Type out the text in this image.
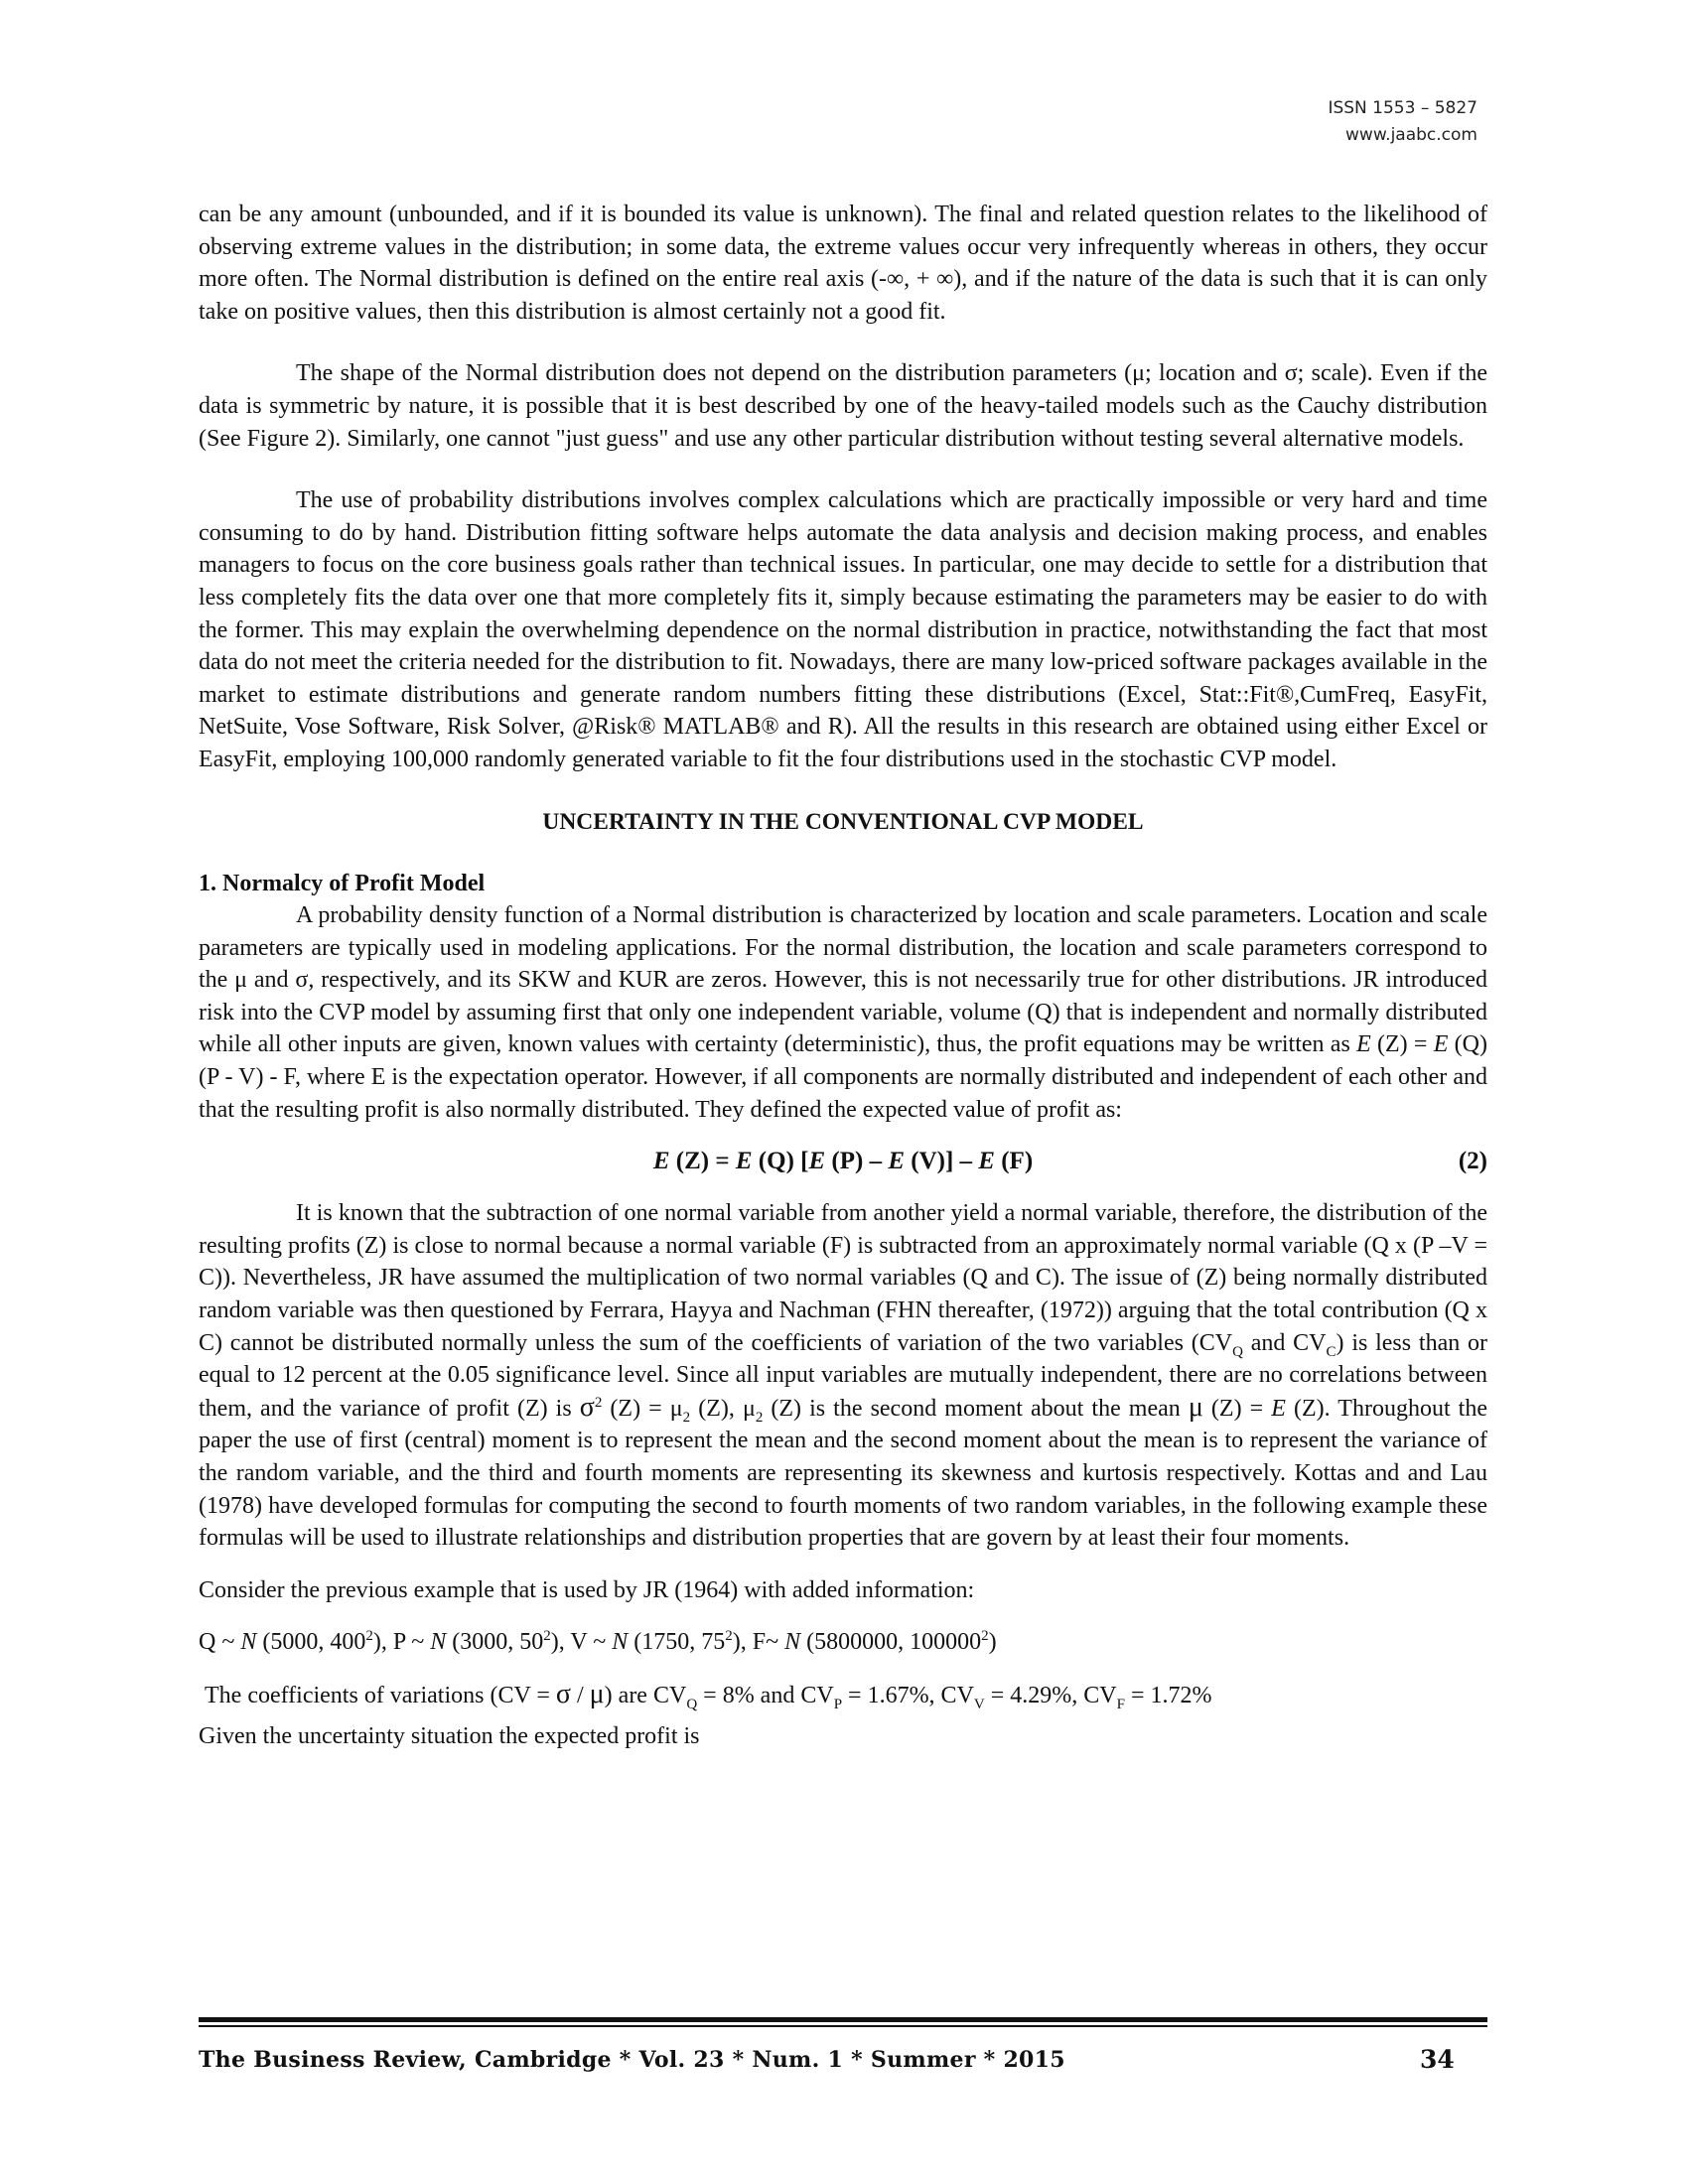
ISSN 1553 – 5827
www.jaabc.com

can be any amount (unbounded, and if it is bounded its value is unknown). The final and related question relates to the likelihood of observing extreme values in the distribution; in some data, the extreme values occur very infrequently whereas in others, they occur more often. The Normal distribution is defined on the entire real axis (-∞, + ∞), and if the nature of the data is such that it is can only take on positive values, then this distribution is almost certainly not a good fit.

The shape of the Normal distribution does not depend on the distribution parameters (μ; location and σ; scale). Even if the data is symmetric by nature, it is possible that it is best described by one of the heavy-tailed models such as the Cauchy distribution (See Figure 2). Similarly, one cannot "just guess" and use any other particular distribution without testing several alternative models.

The use of probability distributions involves complex calculations which are practically impossible or very hard and time consuming to do by hand. Distribution fitting software helps automate the data analysis and decision making process, and enables managers to focus on the core business goals rather than technical issues. In particular, one may decide to settle for a distribution that less completely fits the data over one that more completely fits it, simply because estimating the parameters may be easier to do with the former. This may explain the overwhelming dependence on the normal distribution in practice, notwithstanding the fact that most data do not meet the criteria needed for the distribution to fit. Nowadays, there are many low-priced software packages available in the market to estimate distributions and generate random numbers fitting these distributions (Excel, Stat::Fit®,CumFreq, EasyFit, NetSuite, Vose Software, Risk Solver, @Risk® MATLAB® and R). All the results in this research are obtained using either Excel or EasyFit, employing 100,000 randomly generated variable to fit the four distributions used in the stochastic CVP model.

UNCERTAINTY IN THE CONVENTIONAL CVP MODEL
1. Normalcy of Profit Model

A probability density function of a Normal distribution is characterized by location and scale parameters. Location and scale parameters are typically used in modeling applications. For the normal distribution, the location and scale parameters correspond to the μ and σ, respectively, and its SKW and KUR are zeros. However, this is not necessarily true for other distributions. JR introduced risk into the CVP model by assuming first that only one independent variable, volume (Q) that is independent and normally distributed while all other inputs are given, known values with certainty (deterministic), thus, the profit equations may be written as E (Z) = E (Q) (P - V) - F, where E is the expectation operator. However, if all components are normally distributed and independent of each other and that the resulting profit is also normally distributed. They defined the expected value of profit as:

E (Z) = E (Q) [E (P) – E (V)] – E (F)	(2)

It is known that the subtraction of one normal variable from another yield a normal variable, therefore, the distribution of the resulting profits (Z) is close to normal because a normal variable (F) is subtracted from an approximately normal variable (Q x (P –V = C)). Nevertheless, JR have assumed the multiplication of two normal variables (Q and C). The issue of (Z) being normally distributed random variable was then questioned by Ferrara, Hayya and Nachman (FHN thereafter, (1972)) arguing that the total contribution (Q x C) cannot be distributed normally unless the sum of the coefficients of variation of the two variables ($CV_Q$ and $CV_C$) is less than or equal to 12 percent at the 0.05 significance level. Since all input variables are mutually independent, there are no correlations between them, and the variance of profit (Z) is $\sigma^2$ $(Z) = \mu_2$ (Z), $\mu_2$ (Z) is the second moment about the mean μ (Z) = E (Z). Throughout the paper the use of first (central) moment is to represent the mean and the second moment about the mean is to represent the variance of the random variable, and the third and fourth moments are representing its skewness and kurtosis respectively. Kottas and and Lau (1978) have developed formulas for computing the second to fourth moments of two random variables, in the following example these formulas will be used to illustrate relationships and distribution properties that are govern by at least their four moments.

Consider the previous example that is used by JR (1964) with added information:

Q ~ N (5000, $400^2$), P ~ N (3000, $50^2$), V ~ N (1750, $75^2$), F~ N (5800000, 100000$^2$)

The coefficients of variations (CV = σ / μ) are $CV_Q = 8\%$ and $CV_P = 1.67\%$, $CV_V = 4.29\%$, $CV_F = 1.72\%$

Given the uncertainty situation the expected profit is

The Business Review, Cambridge * Vol. 23 * Num. 1 * Summer * 2015	34
